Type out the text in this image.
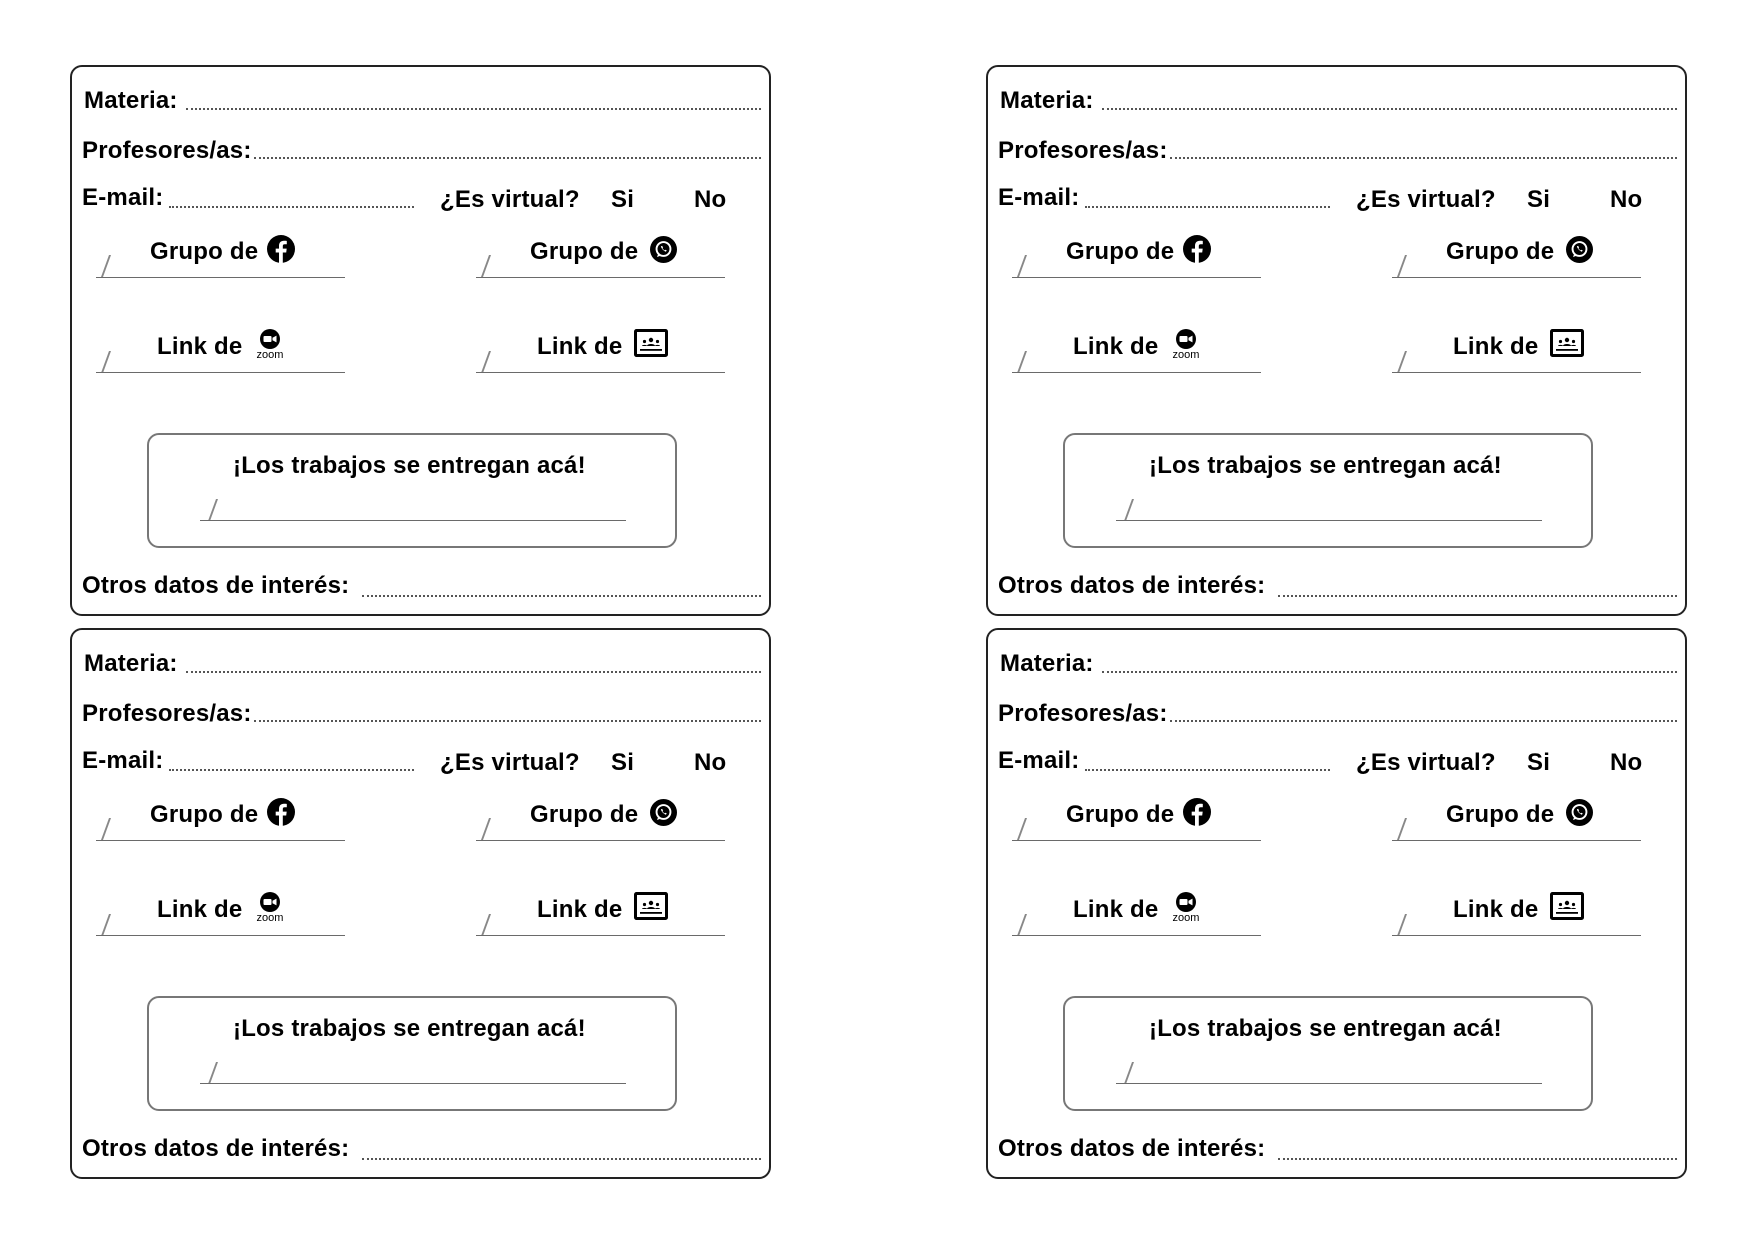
Materia:
Profesores/as:
E-mail:	¿Es virtual? Si No
Grupo de	Grupo de
Link de zoom	Link de
¡Los trabajos se entregan acá!
Otros datos de interés:
Materia:
Profesores/as:
E-mail:	¿Es virtual? Si No
Grupo de	Grupo de
Link de zoom	Link de
¡Los trabajos se entregan acá!
Otros datos de interés:
Materia:
Profesores/as:
E-mail:	¿Es virtual? Si No
Grupo de	Grupo de
Link de zoom	Link de
¡Los trabajos se entregan acá!
Otros datos de interés:
Materia:
Profesores/as:
E-mail:	¿Es virtual? Si No
Grupo de	Grupo de
Link de zoom	Link de
¡Los trabajos se entregan acá!
Otros datos de interés:
